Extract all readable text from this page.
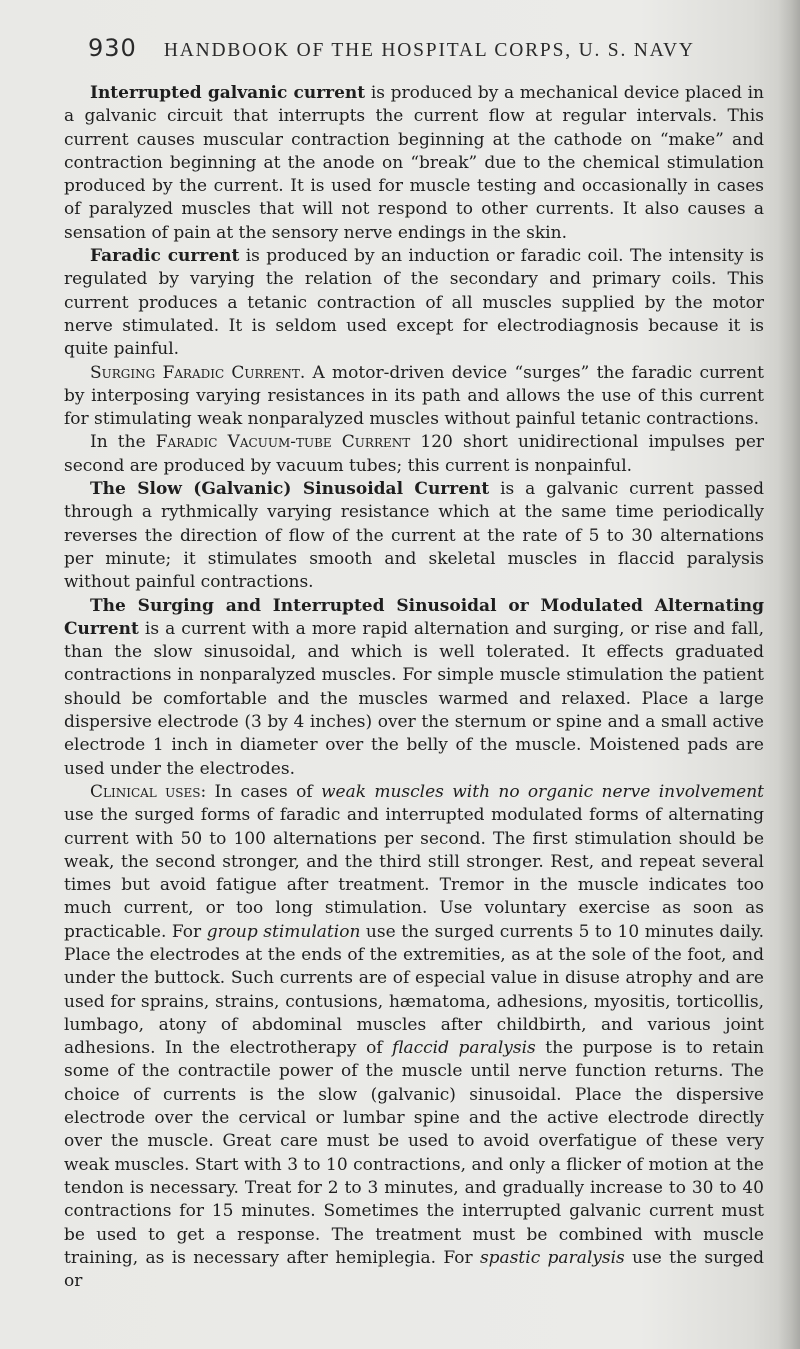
930 HANDBOOK OF THE HOSPITAL CORPS, U. S. NAVY

Interrupted galvanic current is produced by a mechanical device placed in a galvanic circuit that interrupts the current flow at regular intervals. This current causes muscular contraction beginning at the cathode on “make” and contraction beginning at the anode on “break” due to the chemical stimulation produced by the current. It is used for muscle testing and occasionally in cases of paralyzed muscles that will not respond to other currents. It also causes a sensation of pain at the sensory nerve endings in the skin.

Faradic current is produced by an induction or faradic coil. The intensity is regulated by varying the relation of the secondary and primary coils. This current produces a tetanic contraction of all muscles supplied by the motor nerve stimulated. It is seldom used except for electrodiagnosis because it is quite painful.

Surging Faradic Current. A motor-driven device “surges” the faradic current by interposing varying resistances in its path and allows the use of this current for stimulating weak nonparalyzed muscles without painful tetanic contractions.

In the Faradic Vacuum-tube Current 120 short unidirectional impulses per second are produced by vacuum tubes; this current is nonpainful.

The Slow (Galvanic) Sinusoidal Current is a galvanic current passed through a rythmically varying resistance which at the same time periodically reverses the direction of flow of the current at the rate of 5 to 30 alternations per minute; it stimulates smooth and skeletal muscles in flaccid paralysis without painful contractions.

The Surging and Interrupted Sinusoidal or Modulated Alternating Current is a current with a more rapid alternation and surging, or rise and fall, than the slow sinusoidal, and which is well tolerated. It effects graduated contractions in nonparalyzed muscles. For simple muscle stimulation the patient should be comfortable and the muscles warmed and relaxed. Place a large dispersive electrode (3 by 4 inches) over the sternum or spine and a small active electrode 1 inch in diameter over the belly of the muscle. Moistened pads are used under the electrodes.

Clinical uses: In cases of weak muscles with no organic nerve involvement use the surged forms of faradic and interrupted modulated forms of alternating current with 50 to 100 alternations per second. The first stimulation should be weak, the second stronger, and the third still stronger. Rest, and repeat several times but avoid fatigue after treatment. Tremor in the muscle indicates too much current, or too long stimulation. Use voluntary exercise as soon as practicable. For group stimulation use the surged currents 5 to 10 minutes daily. Place the electrodes at the ends of the extremities, as at the sole of the foot, and under the buttock. Such currents are of especial value in disuse atrophy and are used for sprains, strains, contusions, hæmatoma, adhesions, myositis, torticollis, lumbago, atony of abdominal muscles after childbirth, and various joint adhesions. In the electrotherapy of flaccid paralysis the purpose is to retain some of the contractile power of the muscle until nerve function returns. The choice of currents is the slow (galvanic) sinusoidal. Place the dispersive electrode over the cervical or lumbar spine and the active electrode directly over the muscle. Great care must be used to avoid overfatigue of these very weak muscles. Start with 3 to 10 contractions, and only a flicker of motion at the tendon is necessary. Treat for 2 to 3 minutes, and gradually increase to 30 to 40 contractions for 15 minutes. Sometimes the interrupted galvanic current must be used to get a response. The treatment must be combined with muscle training, as is necessary after hemiplegia. For spastic paralysis use the surged or
